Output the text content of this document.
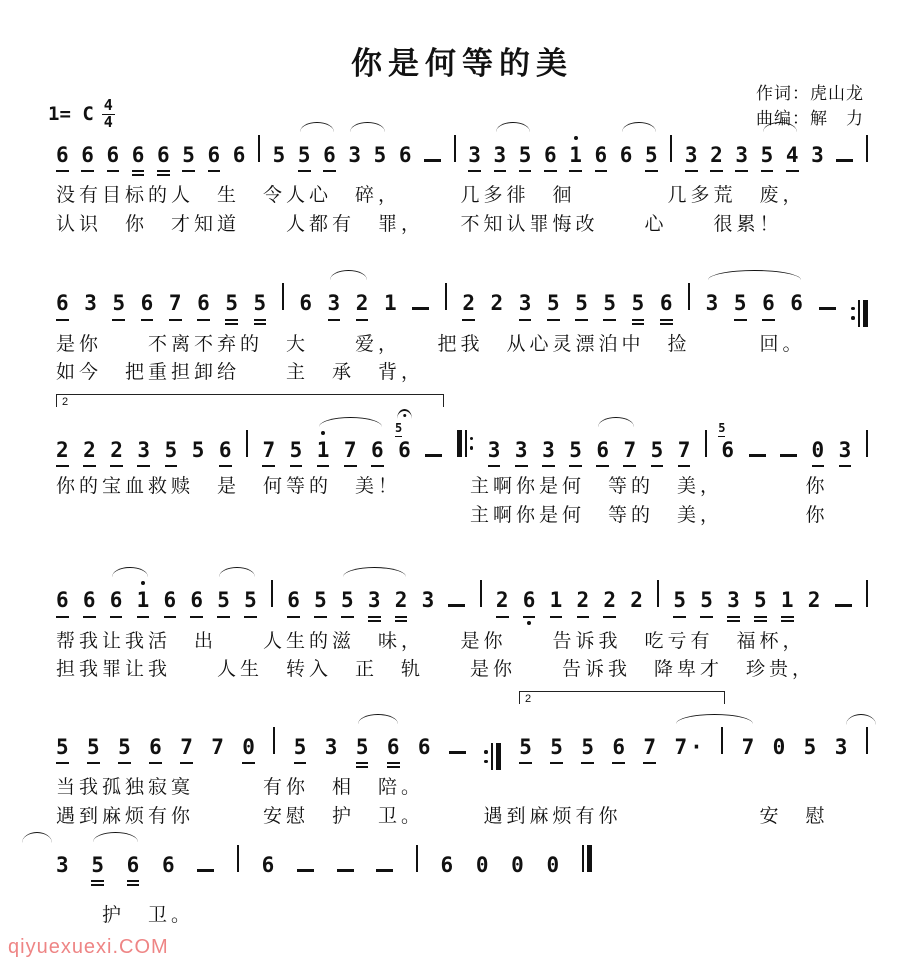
你是何等的美
作词：虎山龙
曲编：解　力
1= C $\frac{4}{4}$
6 6 6 6 6 5 6 6 5 5 6 3 5 6	3 3 5 6 1 6 6 5 3 2 3 5 4 3
没有目标的人　生　令人心　碎，　　　几多徘　徊　　　　几多荒　废，
认识　你　才知道　　人都有　罪，　　不知认罪悔改　　心　　很累！
6 3 5 6 7 6 5 5 6 3 2 1	2 2 3 5 5 5 5 6 3 5 6 6
是你　　不离不弃的　大　　爱，　　把我　从心灵漂泊中　捡　　　回。
如今　把重担卸给　　主　承　背，
2 2 2 3 5 5 6 7 5 1 7 6
5
6	3 3 3 5 6 7 5 7
5
6	0 3
2
你的宝血救赎　是　何等的　美！　　　主啊你是何　等的　美，　　　　你
　　　　　　　　　　　　　　　　　　主啊你是何　等的　美，　　　　你
6 6 6 1 6 6 5 5 6 5 5 3 2 3	2 6 1 2 2 2 5 5 3 5 1 2
帮我让我活　出　　人生的滋　味，　　是你　　告诉我　吃亏有　福杯，
担我罪让我　　人生　转入　正　轨　　是你　　告诉我　降卑才　珍贵，
5 5 5 6 7 7 0 5 3 5 6 6	5 5 5 6 7 7 · 7 0 5 3
2
当我孤独寂寞　　　有你　相　陪。
遇到麻烦有你　　　安慰　护　卫。　　　遇到麻烦有你　　　　　　安　慰
3 5 6 6	6	6 0 0 0
　　护　卫。
qiyuexuexi.COM
